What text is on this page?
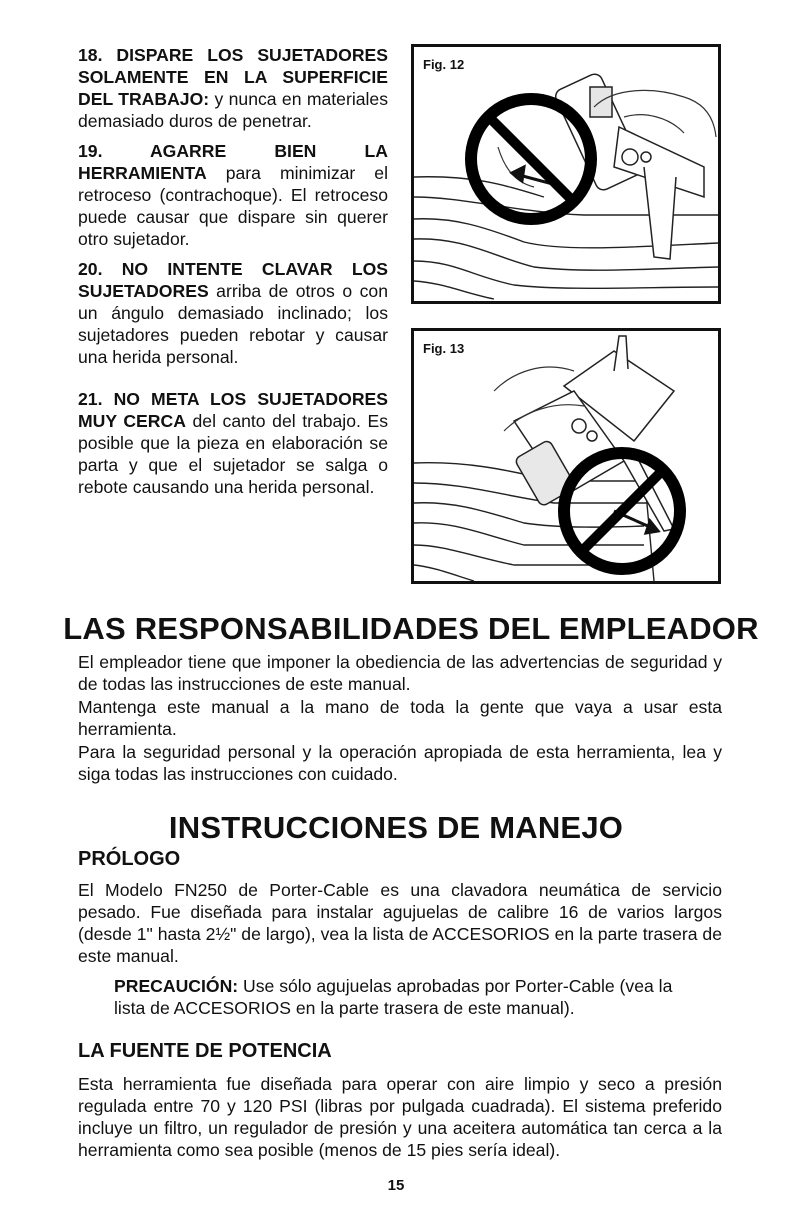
18. DISPARE LOS SUJETADORES SOLAMENTE EN LA SUPERFICIE DEL TRABAJO: y nunca en materiales demasiado duros de penetrar.

19. AGARRE BIEN LA HERRAMIENTA para minimizar el retroceso (contrachoque). El retroceso puede causar que dispare sin querer otro sujetador.

20. NO INTENTE CLAVAR LOS SUJETADORES arriba de otros o con un ángulo demasiado inclinado; los sujetadores pueden rebotar y causar una herida personal.

21. NO META LOS SUJETADORES MUY CERCA del canto del trabajo. Es posible que la pieza en elaboración se parta y que el sujetador se salga o rebote causando una herida personal.

Fig. 12
Fig. 13
LAS RESPONSABILIDADES DEL EMPLEADOR

El empleador tiene que imponer la obediencia de las advertencias de seguridad y de todas las instrucciones de este manual.

Mantenga este manual a la mano de toda la gente que vaya a usar esta herramienta.

Para la seguridad personal y la operación apropiada de esta herramienta, lea y siga todas las instrucciones con cuidado.

INSTRUCCIONES DE MANEJO
PRÓLOGO

El Modelo FN250 de Porter-Cable es una clavadora neumática de servicio pesado. Fue diseñada para instalar agujuelas de calibre 16 de varios largos (desde 1" hasta 2½" de largo), vea la lista de ACCESORIOS en la parte trasera de este manual.

PRECAUCIÓN: Use sólo agujuelas aprobadas por Porter-Cable (vea la lista de ACCESORIOS en la parte trasera de este manual).

LA FUENTE DE POTENCIA

Esta herramienta fue diseñada para operar con aire limpio y seco a presión regulada entre 70 y 120 PSI (libras por pulgada cuadrada). El sistema preferido incluye un filtro, un regulador de presión y una aceitera automática tan cerca a la herramienta como sea posible (menos de 15 pies sería ideal).

15
